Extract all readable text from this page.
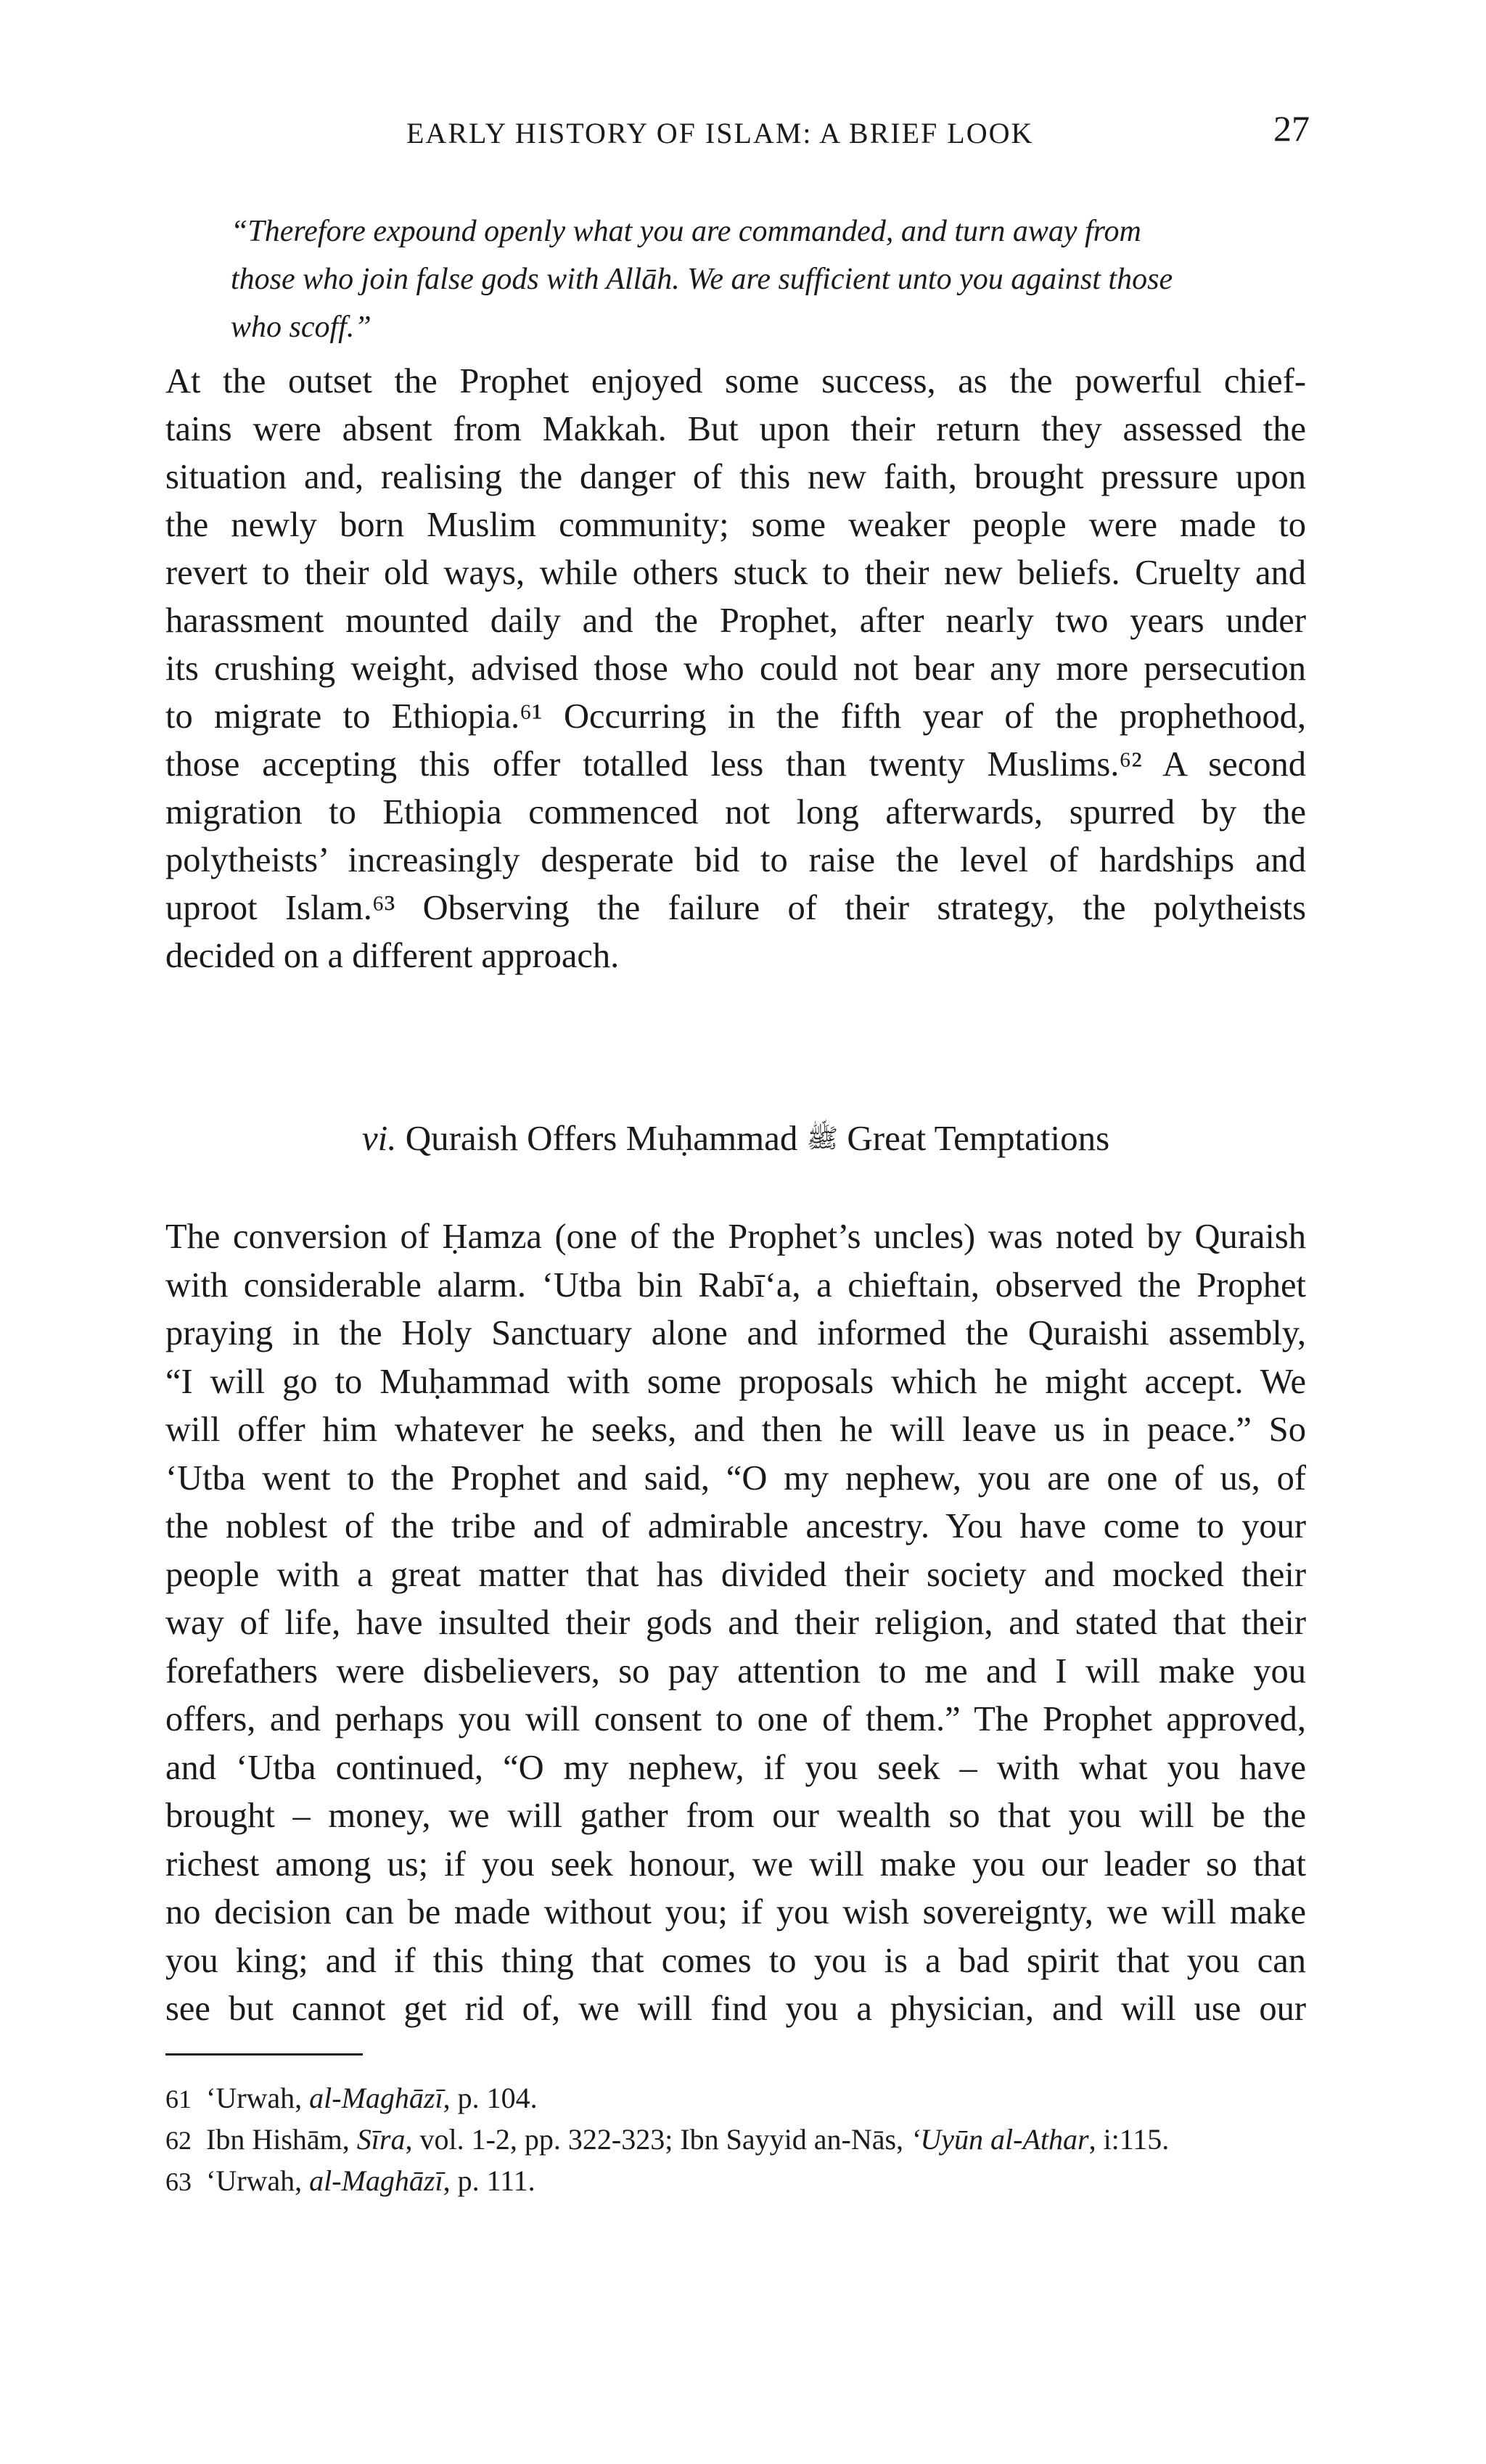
EARLY HISTORY OF ISLAM: A BRIEF LOOK	27
“Therefore expound openly what you are commanded, and turn away from
those who join false gods with Allāh. We are sufficient unto you against those
who scoff.”
At the outset the Prophet enjoyed some success, as the powerful chief-
tains were absent from Makkah. But upon their return they assessed the
situation and, realising the danger of this new faith, brought pressure upon
the newly born Muslim community; some weaker people were made to
revert to their old ways, while others stuck to their new beliefs. Cruelty and
harassment mounted daily and the Prophet, after nearly two years under
its crushing weight, advised those who could not bear any more persecution
to migrate to Ethiopia.⁶¹ Occurring in the fifth year of the prophethood,
those accepting this offer totalled less than twenty Muslims.⁶² A second
migration to Ethiopia commenced not long afterwards, spurred by the
polytheists’ increasingly desperate bid to raise the level of hardships and
uproot Islam.⁶³ Observing the failure of their strategy, the polytheists
decided on a different approach.
vi. Quraish Offers Muḥammad ﷺ Great Temptations
The conversion of Ḥamza (one of the Prophet’s uncles) was noted by Quraish
with considerable alarm. ‘Utba bin Rabī‘a, a chieftain, observed the Prophet
praying in the Holy Sanctuary alone and informed the Quraishi assembly,
“I will go to Muḥammad with some proposals which he might accept. We
will offer him whatever he seeks, and then he will leave us in peace.” So
‘Utba went to the Prophet and said, “O my nephew, you are one of us, of
the noblest of the tribe and of admirable ancestry. You have come to your
people with a great matter that has divided their society and mocked their
way of life, have insulted their gods and their religion, and stated that their
forefathers were disbelievers, so pay attention to me and I will make you
offers, and perhaps you will consent to one of them.” The Prophet approved,
and ‘Utba continued, “O my nephew, if you seek – with what you have
brought – money, we will gather from our wealth so that you will be the
richest among us; if you seek honour, we will make you our leader so that
no decision can be made without you; if you wish sovereignty, we will make
you king; and if this thing that comes to you is a bad spirit that you can
see but cannot get rid of, we will find you a physician, and will use our
61 ‘Urwah, al-Maghāzī, p. 104.
62 Ibn Hishām, Sīra, vol. 1-2, pp. 322-323; Ibn Sayyid an-Nās, ‘Uyūn al-Athar, i:115.
63 ‘Urwah, al-Maghāzī, p. 111.
